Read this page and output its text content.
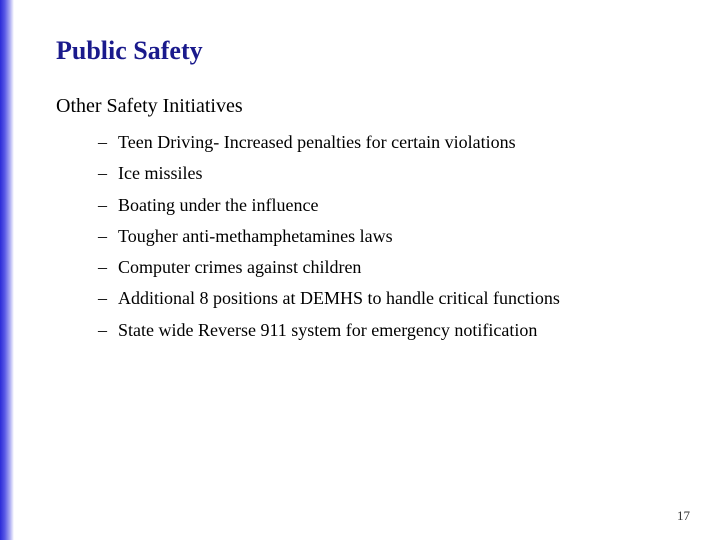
Public Safety
Other Safety Initiatives
– Teen Driving- Increased penalties for certain violations
– Ice missiles
– Boating under the influence
– Tougher anti-methamphetamines laws
– Computer crimes against children
– Additional 8 positions at DEMHS to handle critical functions
– State wide Reverse 911 system for emergency notification
17
